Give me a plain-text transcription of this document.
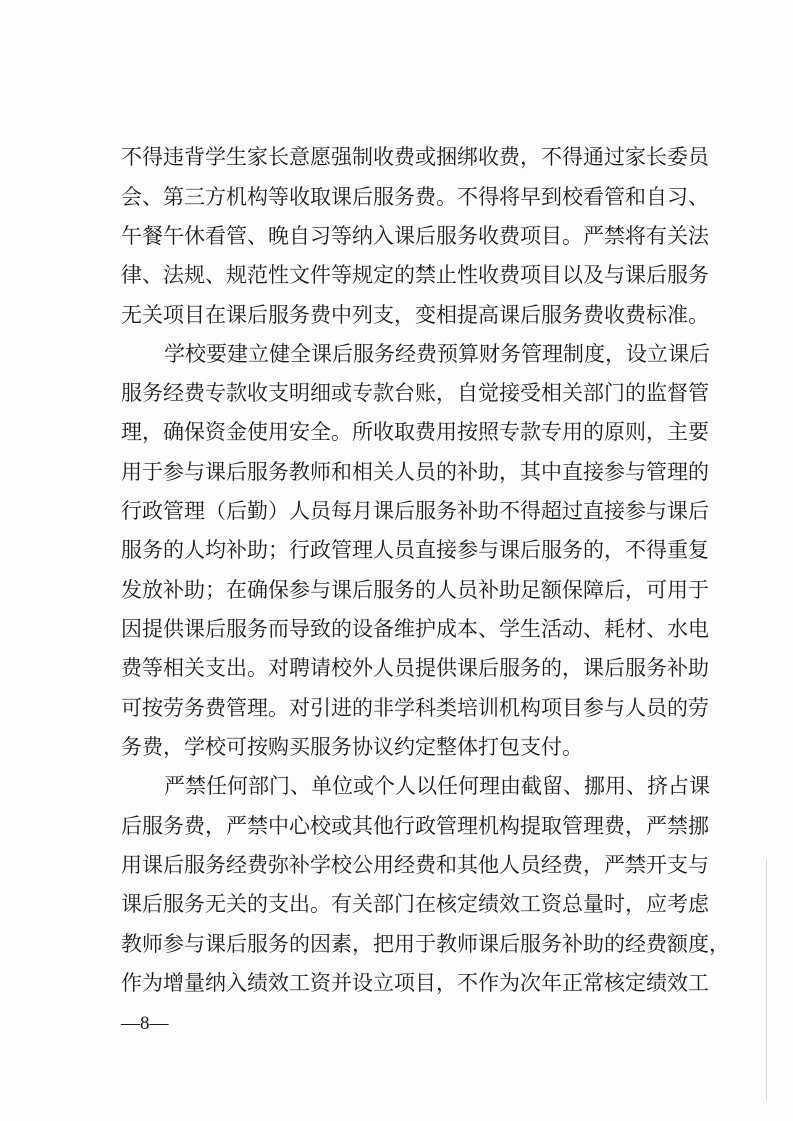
不得违背学生家长意愿强制收费或捆绑收费，不得通过家长委员
会、第三方机构等收取课后服务费。不得将早到校看管和自习、
午餐午休看管、晚自习等纳入课后服务收费项目。严禁将有关法
律、法规、规范性文件等规定的禁止性收费项目以及与课后服务
无关项目在课后服务费中列支，变相提高课后服务费收费标准。
学校要建立健全课后服务经费预算财务管理制度，设立课后
服务经费专款收支明细或专款台账，自觉接受相关部门的监督管
理，确保资金使用安全。所收取费用按照专款专用的原则，主要
用于参与课后服务教师和相关人员的补助，其中直接参与管理的
行政管理（后勤）人员每月课后服务补助不得超过直接参与课后
服务的人均补助；行政管理人员直接参与课后服务的，不得重复
发放补助；在确保参与课后服务的人员补助足额保障后，可用于
因提供课后服务而导致的设备维护成本、学生活动、耗材、水电
费等相关支出。对聘请校外人员提供课后服务的，课后服务补助
可按劳务费管理。对引进的非学科类培训机构项目参与人员的劳
务费，学校可按购买服务协议约定整体打包支付。
严禁任何部门、单位或个人以任何理由截留、挪用、挤占课
后服务费，严禁中心校或其他行政管理机构提取管理费，严禁挪
用课后服务经费弥补学校公用经费和其他人员经费，严禁开支与
课后服务无关的支出。有关部门在核定绩效工资总量时，应考虑
教师参与课后服务的因素，把用于教师课后服务补助的经费额度，
作为增量纳入绩效工资并设立项目，不作为次年正常核定绩效工
—8—
